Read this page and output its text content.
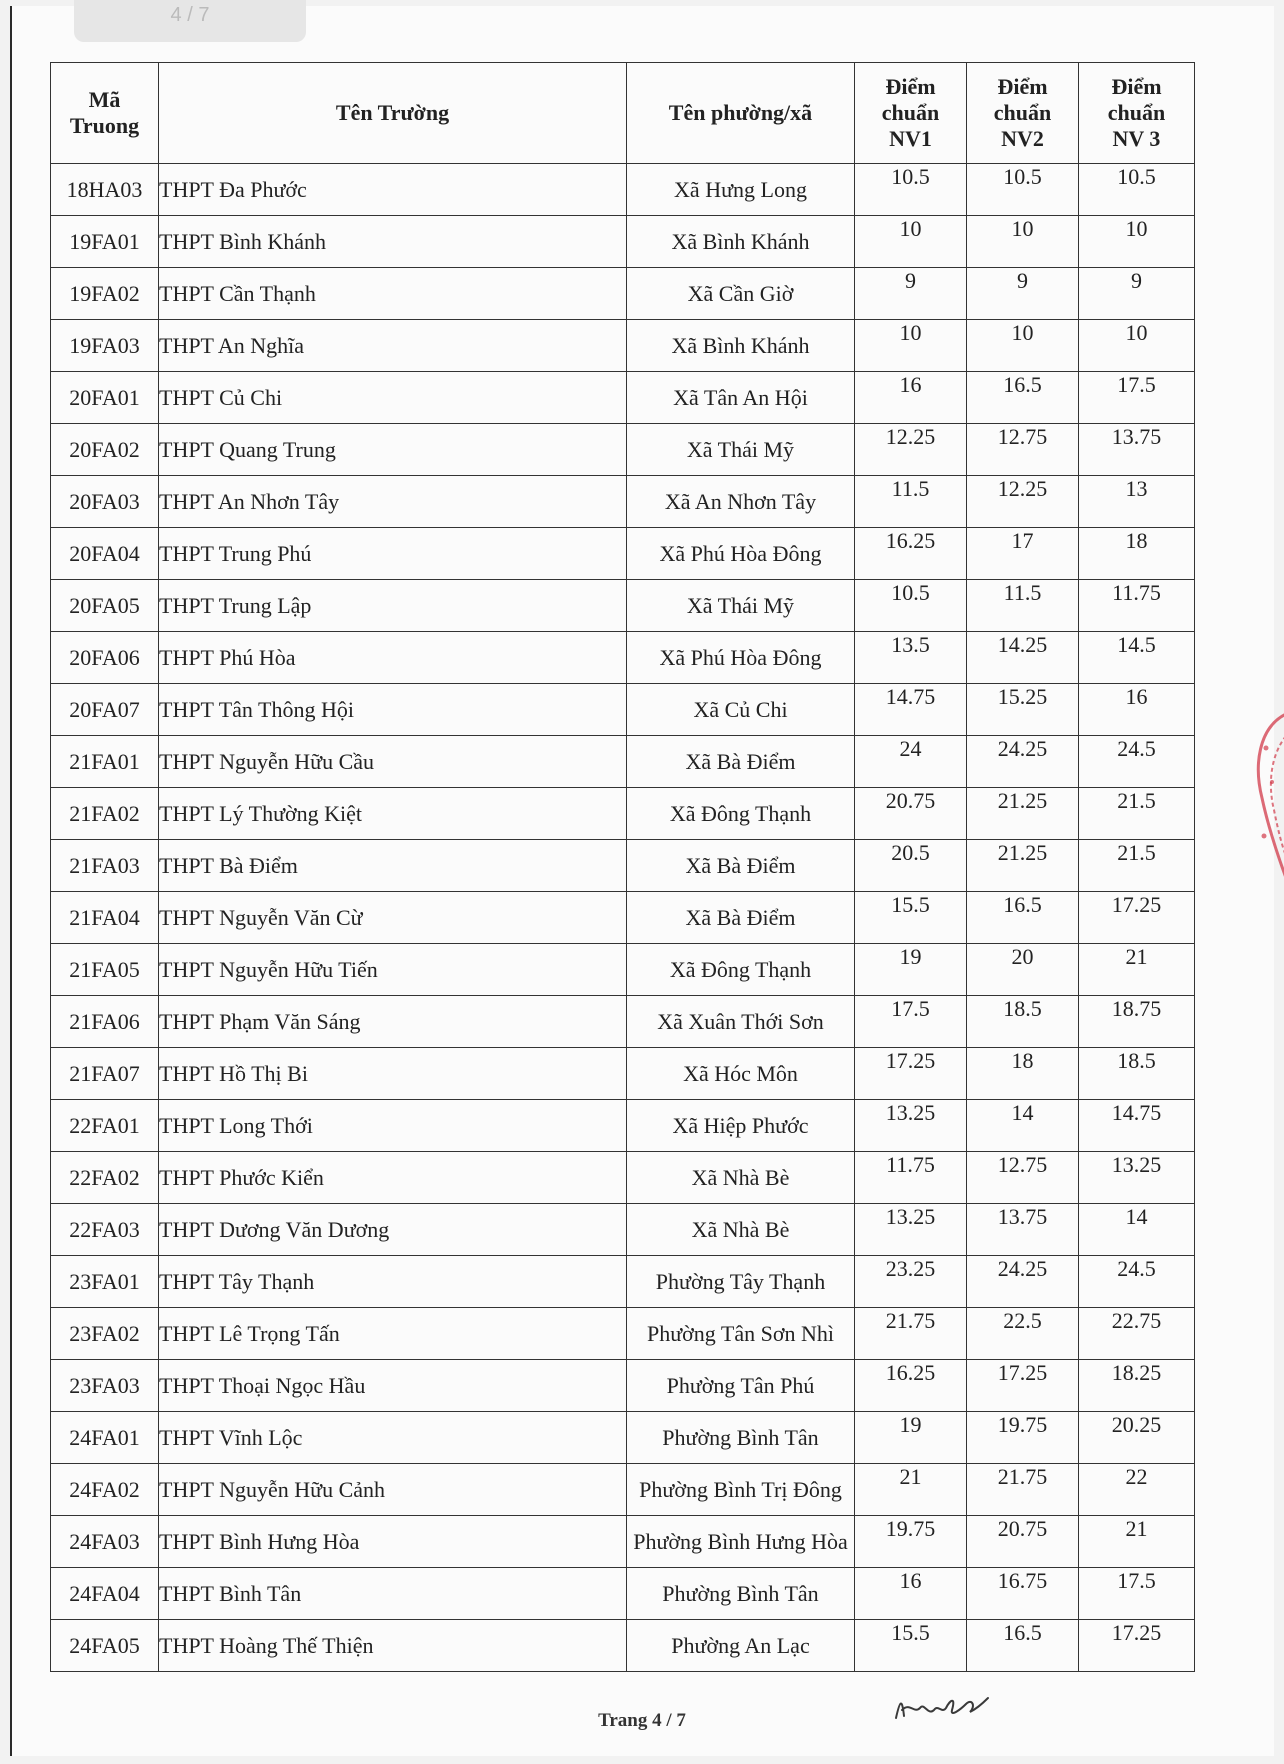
4 / 7
Mã
Truong	Tên Trường	Tên phường/xã	Điểm
chuẩn
NV1	Điểm
chuẩn
NV2	Điểm
chuẩn
NV 3
18HA03	THPT Đa Phước	Xã Hưng Long	10.5	10.5	10.5
19FA01	THPT Bình Khánh	Xã Bình Khánh	10	10	10
19FA02	THPT Cần Thạnh	Xã Cần Giờ	9	9	9
19FA03	THPT An Nghĩa	Xã Bình Khánh	10	10	10
20FA01	THPT Củ Chi	Xã Tân An Hội	16	16.5	17.5
20FA02	THPT Quang Trung	Xã Thái Mỹ	12.25	12.75	13.75
20FA03	THPT An Nhơn Tây	Xã An Nhơn Tây	11.5	12.25	13
20FA04	THPT Trung Phú	Xã Phú Hòa Đông	16.25	17	18
20FA05	THPT Trung Lập	Xã Thái Mỹ	10.5	11.5	11.75
20FA06	THPT Phú Hòa	Xã Phú Hòa Đông	13.5	14.25	14.5
20FA07	THPT Tân Thông Hội	Xã Củ Chi	14.75	15.25	16
21FA01	THPT Nguyễn Hữu Cầu	Xã Bà Điểm	24	24.25	24.5
21FA02	THPT Lý Thường Kiệt	Xã Đông Thạnh	20.75	21.25	21.5
21FA03	THPT Bà Điểm	Xã Bà Điểm	20.5	21.25	21.5
21FA04	THPT Nguyễn Văn Cừ	Xã Bà Điểm	15.5	16.5	17.25
21FA05	THPT Nguyễn Hữu Tiến	Xã Đông Thạnh	19	20	21
21FA06	THPT Phạm Văn Sáng	Xã Xuân Thới Sơn	17.5	18.5	18.75
21FA07	THPT Hồ Thị Bi	Xã Hóc Môn	17.25	18	18.5
22FA01	THPT Long Thới	Xã Hiệp Phước	13.25	14	14.75
22FA02	THPT Phước Kiển	Xã Nhà Bè	11.75	12.75	13.25
22FA03	THPT Dương Văn Dương	Xã Nhà Bè	13.25	13.75	14
23FA01	THPT Tây Thạnh	Phường Tây Thạnh	23.25	24.25	24.5
23FA02	THPT Lê Trọng Tấn	Phường Tân Sơn Nhì	21.75	22.5	22.75
23FA03	THPT Thoại Ngọc Hầu	Phường Tân Phú	16.25	17.25	18.25
24FA01	THPT Vĩnh Lộc	Phường Bình Tân	19	19.75	20.25
24FA02	THPT Nguyễn Hữu Cảnh	Phường Bình Trị Đông	21	21.75	22
24FA03	THPT Bình Hưng Hòa	Phường Bình Hưng Hòa	19.75	20.75	21
24FA04	THPT Bình Tân	Phường Bình Tân	16	16.75	17.5
24FA05	THPT Hoàng Thế Thiện	Phường An Lạc	15.5	16.5	17.25
Trang 4 / 7
